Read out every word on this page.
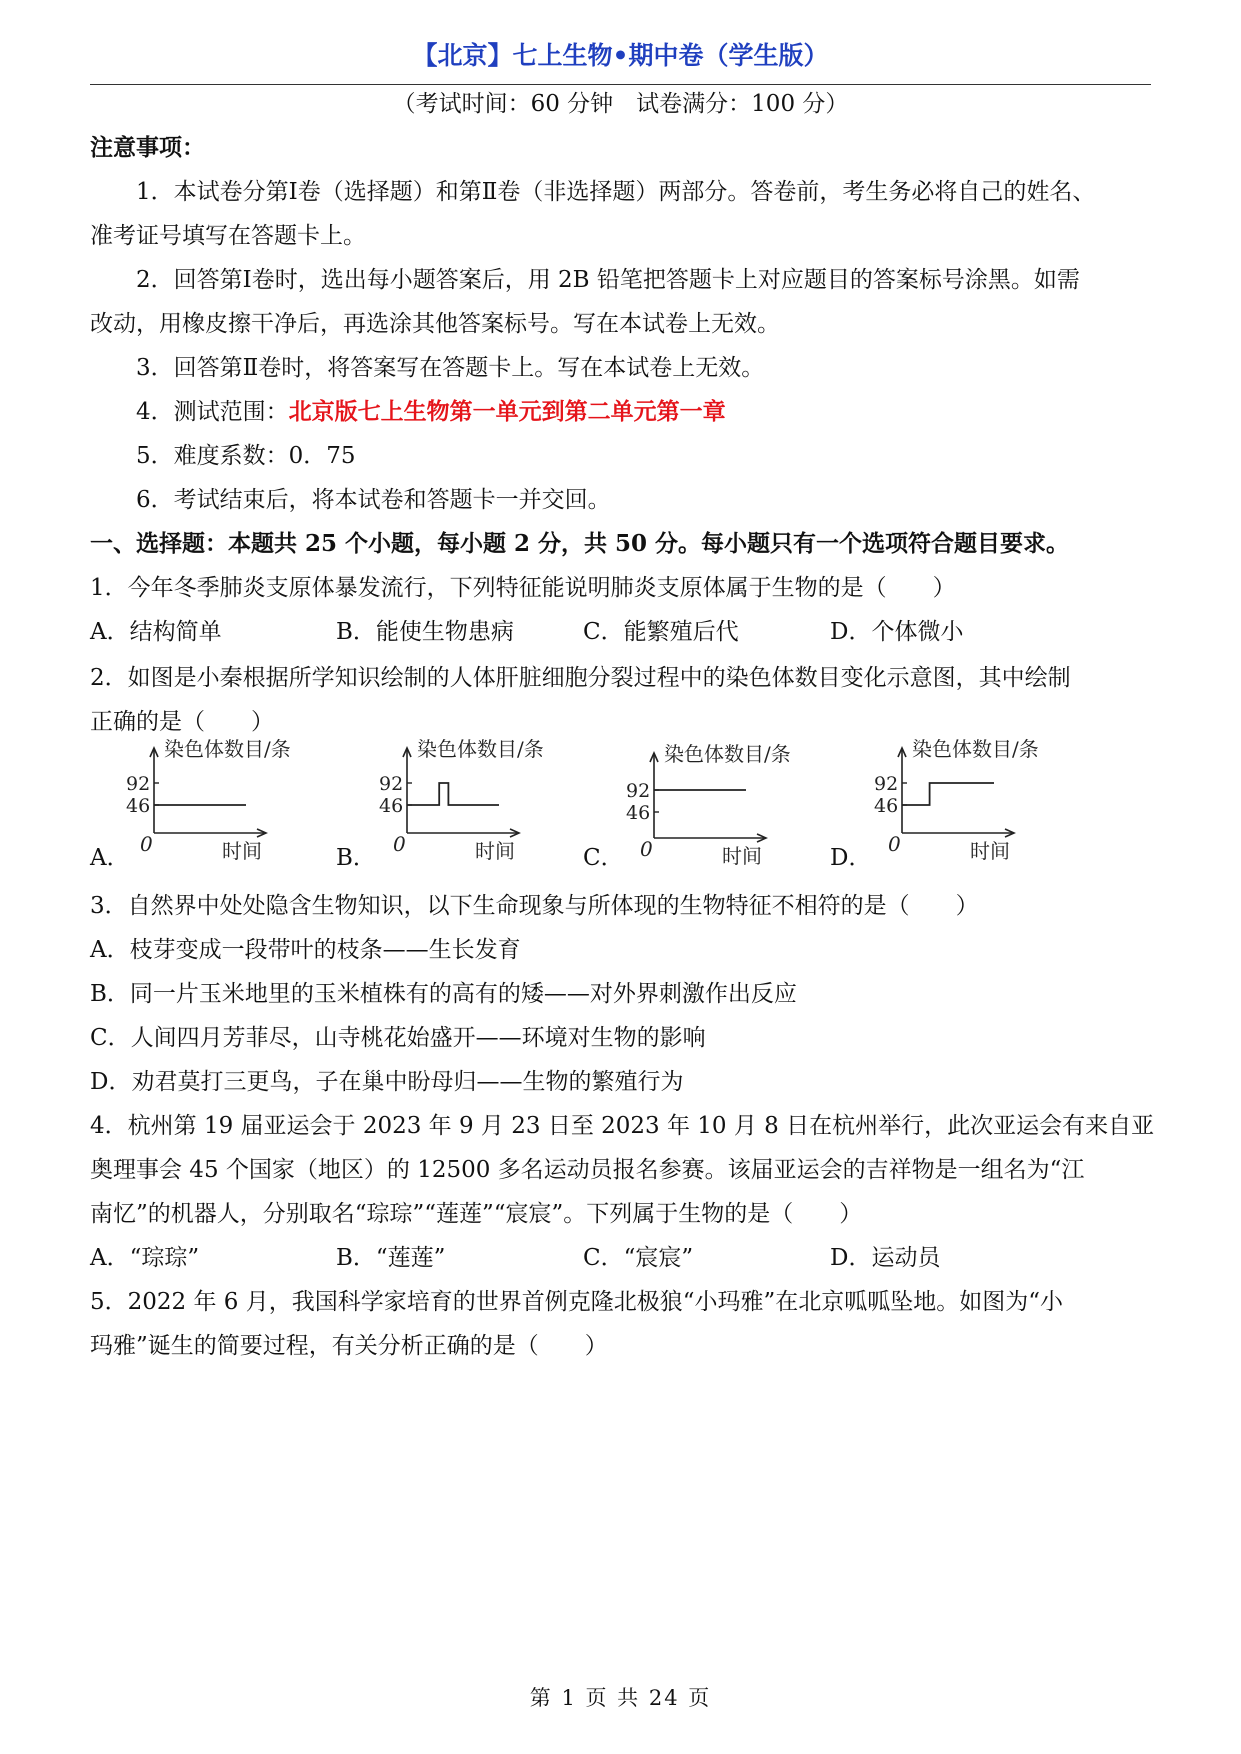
【北京】七上生物•期中卷（学生版）
（考试时间：60 分钟　试卷满分：100 分）
注意事项：
1．本试卷分第Ⅰ卷（选择题）和第Ⅱ卷（非选择题）两部分。答卷前，考生务必将自己的姓名、
准考证号填写在答题卡上。
2．回答第Ⅰ卷时，选出每小题答案后，用 2B 铅笔把答题卡上对应题目的答案标号涂黑。如需
改动，用橡皮擦干净后，再选涂其他答案标号。写在本试卷上无效。
3．回答第Ⅱ卷时，将答案写在答题卡上。写在本试卷上无效。
4．测试范围：北京版七上生物第一单元到第二单元第一章
5．难度系数：0．75
6．考试结束后，将本试卷和答题卡一并交回。
一、选择题：本题共 25 个小题，每小题 2 分，共 50 分。每小题只有一个选项符合题目要求。
1．今年冬季肺炎支原体暴发流行，下列特征能说明肺炎支原体属于生物的是（　　）
A．结构简单	B．能使生物患病	C．能繁殖后代	D．个体微小
2．如图是小秦根据所学知识绘制的人体肝脏细胞分裂过程中的染色体数目变化示意图，其中绘制
正确的是（　　）
A．	B．	C．	D．
染色体数目/条
时间
0
92
46
染色体数目/条
时间
0
92
46
染色体数目/条
时间
0
92
46
染色体数目/条
时间
0
92
46
3．自然界中处处隐含生物知识，以下生命现象与所体现的生物特征不相符的是（　　）
A．枝芽变成一段带叶的枝条——生长发育
B．同一片玉米地里的玉米植株有的高有的矮——对外界刺激作出反应
C．人间四月芳菲尽，山寺桃花始盛开——环境对生物的影响
D．劝君莫打三更鸟，子在巢中盼母归——生物的繁殖行为
4．杭州第 19 届亚运会于 2023 年 9 月 23 日至 2023 年 10 月 8 日在杭州举行，此次亚运会有来自亚
奥理事会 45 个国家（地区）的 12500 多名运动员报名参赛。该届亚运会的吉祥物是一组名为“江
南忆”的机器人，分别取名“琮琮”“莲莲”“宸宸”。下列属于生物的是（　　）
A．“琮琮”	B．“莲莲”	C．“宸宸”	D．运动员
5．2022 年 6 月，我国科学家培育的世界首例克隆北极狼“小玛雅”在北京呱呱坠地。如图为“小
玛雅”诞生的简要过程，有关分析正确的是（　　）
第 1 页 共 24 页
